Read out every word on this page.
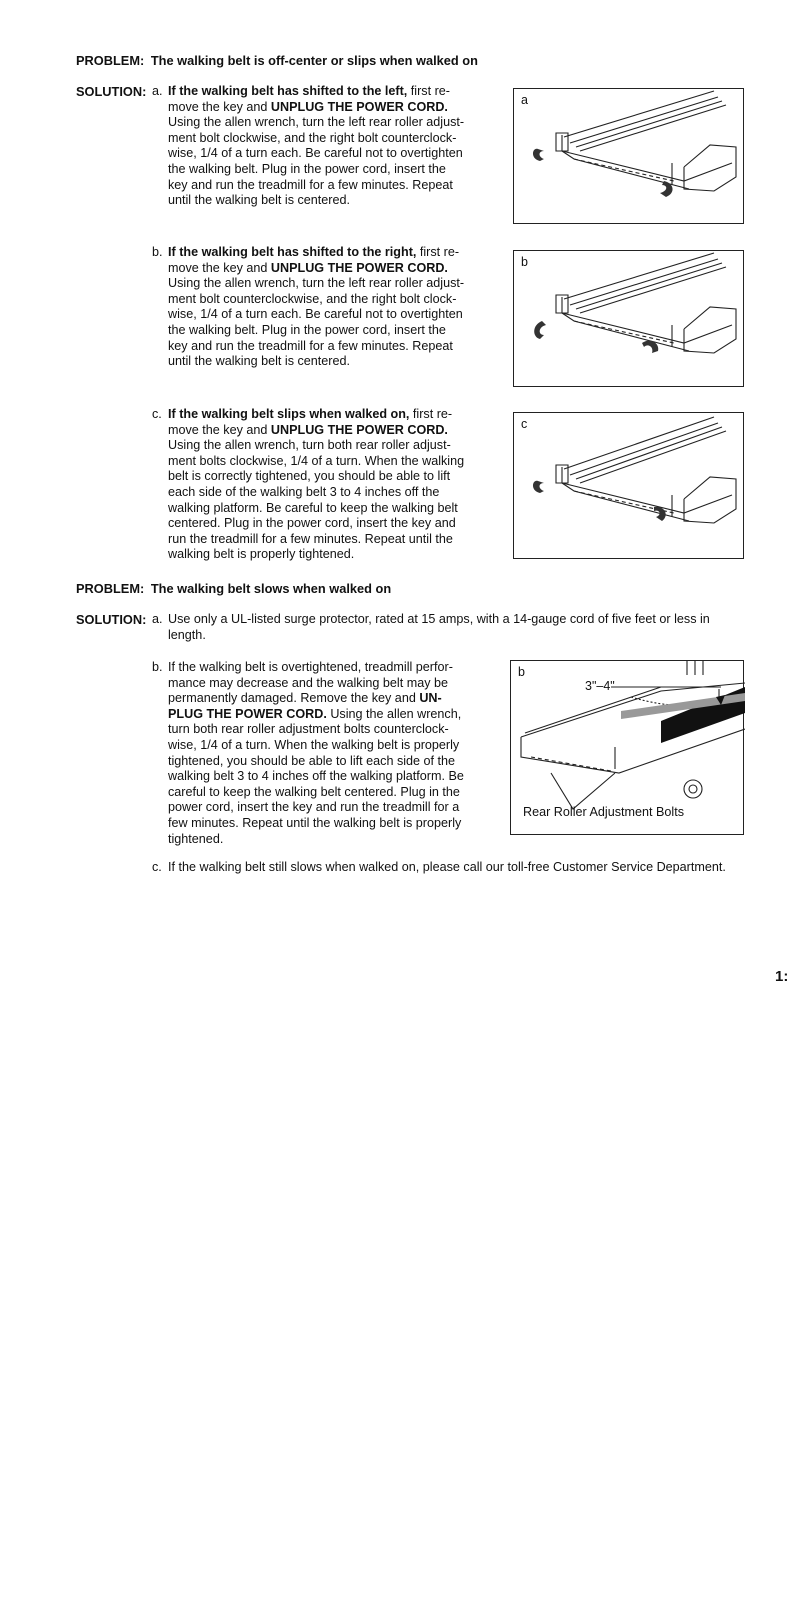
PROBLEM: The walking belt is off-center or slips when walked on
SOLUTION: a. If the walking belt has shifted to the left, first re-
move the key and UNPLUG THE POWER CORD.
Using the allen wrench, turn the left rear roller adjust-
ment bolt clockwise, and the right bolt counterclock-
wise, 1/4 of a turn each. Be careful not to overtighten
the walking belt. Plug in the power cord, insert the
key and run the treadmill for a few minutes. Repeat
until the walking belt is centered.
b. If the walking belt has shifted to the right, first re-
move the key and UNPLUG THE POWER CORD.
Using the allen wrench, turn the left rear roller adjust-
ment bolt counterclockwise, and the right bolt clock-
wise, 1/4 of a turn each. Be careful not to overtighten
the walking belt. Plug in the power cord, insert the
key and run the treadmill for a few minutes. Repeat
until the walking belt is centered.
c. If the walking belt slips when walked on, first re-
move the key and UNPLUG THE POWER CORD.
Using the allen wrench, turn both rear roller adjust-
ment bolts clockwise, 1/4 of a turn. When the walking
belt is correctly tightened, you should be able to lift
each side of the walking belt 3 to 4 inches off the
walking platform. Be careful to keep the walking belt
centered. Plug in the power cord, insert the key and
run the treadmill for a few minutes. Repeat until the
walking belt is properly tightened.
a
b
c
PROBLEM: The walking belt slows when walked on
SOLUTION: a. Use only a UL-listed surge protector, rated at 15 amps, with a 14-gauge cord of five feet or less in
length.
b. If the walking belt is overtightened, treadmill perfor-
mance may decrease and the walking belt may be
permanently damaged. Remove the key and UN-
PLUG THE POWER CORD. Using the allen wrench,
turn both rear roller adjustment bolts counterclock-
wise, 1/4 of a turn. When the walking belt is properly
tightened, you should be able to lift each side of the
walking belt 3 to 4 inches off the walking platform. Be
careful to keep the walking belt centered. Plug in the
power cord, insert the key and run the treadmill for a
few minutes. Repeat until the walking belt is properly
tightened.
b
3"–4"
Rear Roller Adjustment Bolts
c. If the walking belt still slows when walked on, please call our toll-free Customer Service Department.
1:
